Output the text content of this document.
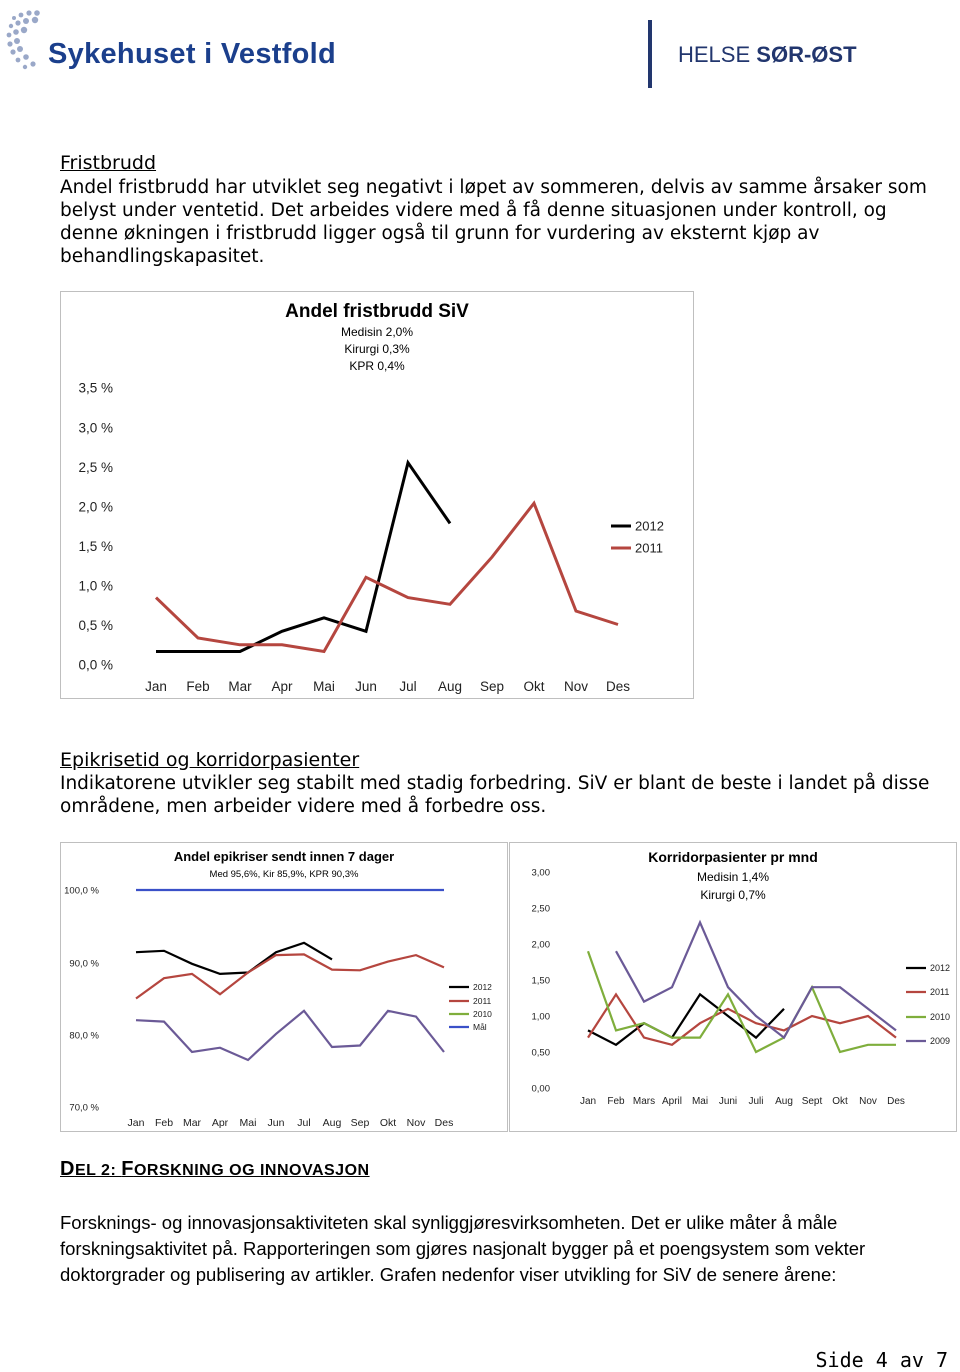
Sykehuset i Vestfold	HELSE SØR-ØST
Fristbrudd
Andel fristbrudd har utviklet seg negativt i løpet av sommeren, delvis av samme årsaker som
belyst under ventetid. Det arbeides videre med å få denne situasjonen under kontroll, og
denne økningen i fristbrudd ligger også til grunn for vurdering av eksternt kjøp av
behandlingskapasitet.
Andel fristbrudd SiV
Medisin 2,0%
Kirurgi 0,3%
KPR 0,4%
0,0 %
0,5 %
1,0 %
1,5 %
2,0 %
2,5 %
3,0 %
3,5 %
Jan Feb Mar Apr Mai Jun Jul Aug Sep Okt Nov Des
2012
2011
Epikrisetid og korridorpasienter
Indikatorene utvikler seg stabilt med stadig forbedring. SiV er blant de beste i landet på disse
områdene, men arbeider videre med å forbedre oss.
Andel epikriser sendt innen 7 dager
Med 95,6%, Kir 85,9%, KPR 90,3%
70,0 %
80,0 %
90,0 %
100,0 %
Jan Feb Mar Apr Mai Jun Jul Aug Sep Okt Nov Des
2012
2011
2010
Mål
Korridorpasienter pr mnd
Medisin 1,4%
Kirurgi 0,7%
0,00
0,50
1,00
1,50
2,00
2,50
3,00
Jan Feb Mars April Mai Juni Juli Aug Sept Okt Nov Des
2012
2011
2010
2009
DEL 2: FORSKNING OG INNOVASJON
Forsknings- og innovasjonsaktiviteten skal synliggjøresvirksomheten. Det er ulike måter å måle
forskningsaktivitet på. Rapporteringen som gjøres nasjonalt bygger på et poengsystem som vekter
doktorgrader og publisering av artikler. Grafen nedenfor viser utvikling for SiV de senere årene:
Side 4 av 7
